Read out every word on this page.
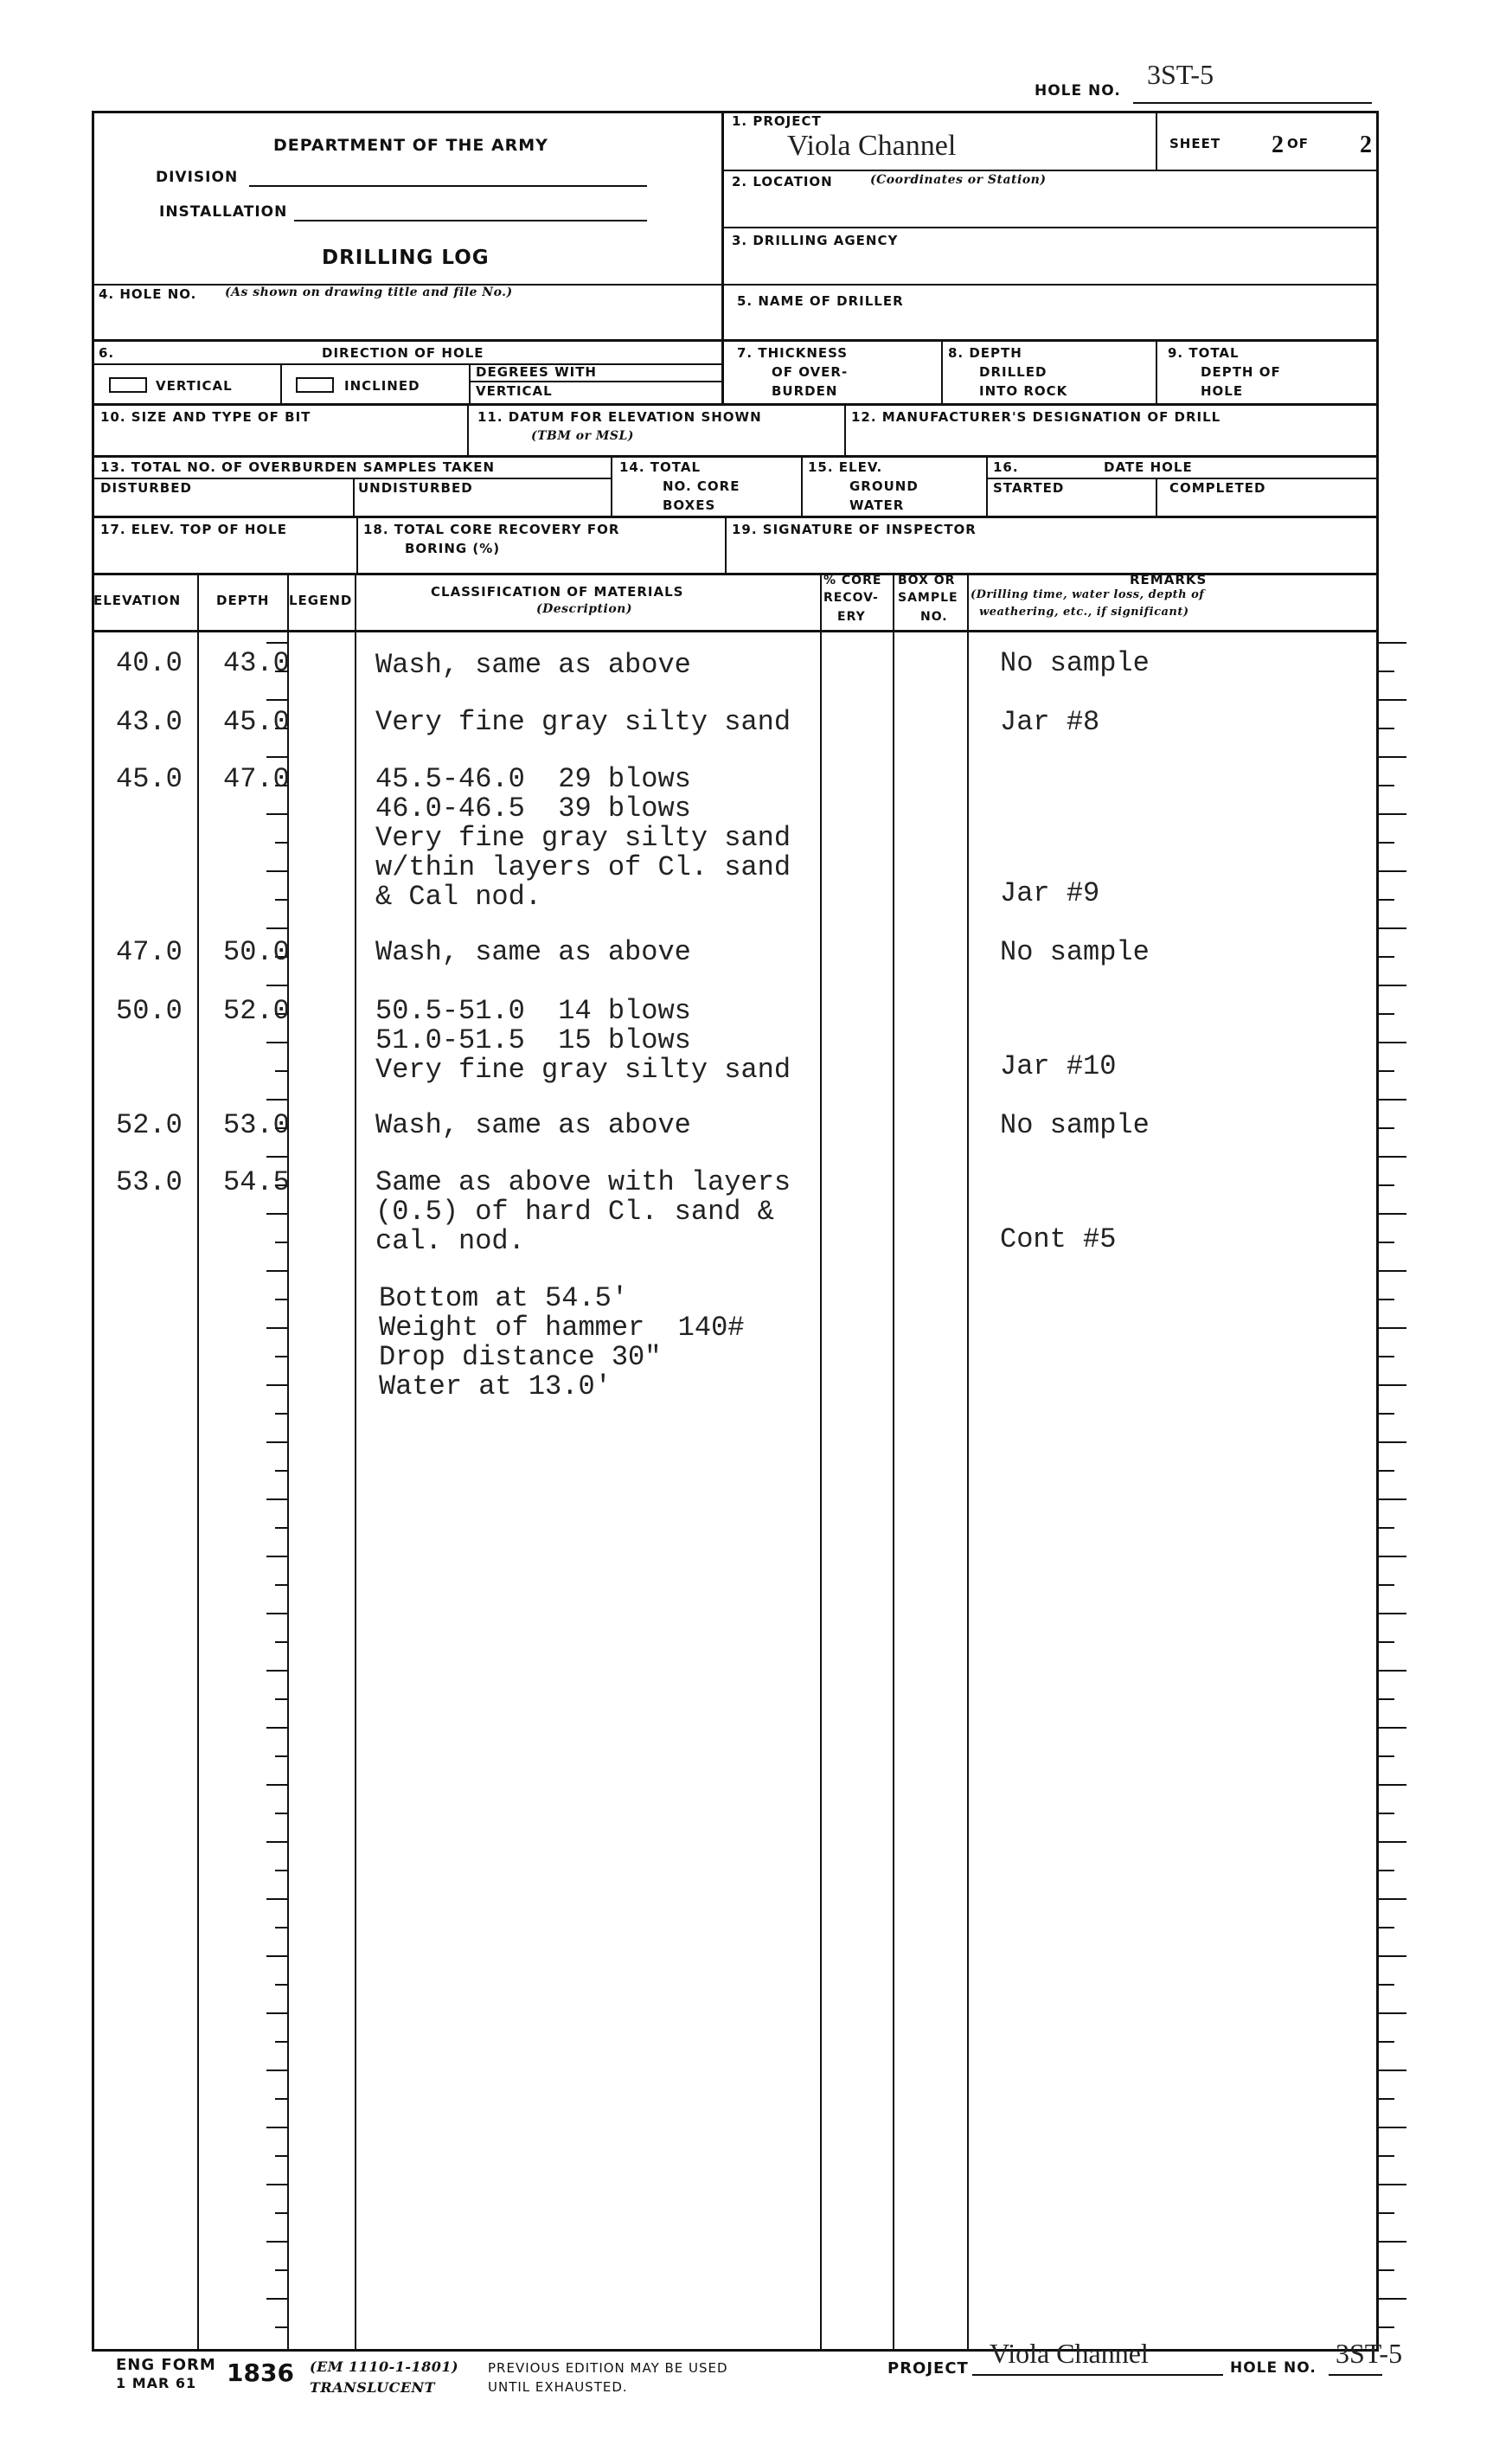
HOLE NO.
3ST-5
DEPARTMENT OF THE ARMY
DIVISION
INSTALLATION
DRILLING LOG
1. PROJECT
Viola Channel	SHEET 2 OF 2
2. LOCATION	(Coordinates or Station)
3. DRILLING AGENCY
4. HOLE NO. (As shown on drawing title and file No.)
5. NAME OF DRILLER
6.	DIRECTION OF HOLE
VERTICAL	INCLINED
DEGREES WITH
VERTICAL
7. THICKNESS
OF OVER-
BURDEN
8. DEPTH
DRILLED
INTO ROCK
9. TOTAL
DEPTH OF
HOLE
10. SIZE AND TYPE OF BIT	11. DATUM FOR ELEVATION SHOWN
(TBM or MSL)
12. MANUFACTURER'S DESIGNATION OF DRILL
13. TOTAL NO. OF OVERBURDEN SAMPLES TAKEN
DISTURBED	UNDISTURBED
14. TOTAL
NO. CORE
BOXES
15. ELEV.
GROUND
WATER
16.	DATE HOLE
STARTED	COMPLETED
17. ELEV. TOP OF HOLE	18. TOTAL CORE RECOVERY FOR
BORING (%)
19. SIGNATURE OF INSPECTOR
ELEVATION	DEPTH LEGEND
CLASSIFICATION OF MATERIALS
(Description)
% CORE
RECOV-
ERY
BOX OR
SAMPLE
NO.
REMARKS
(Drilling time, water loss, depth of
weathering, etc., if significant)
40.0 43.0	Wash, same as above	No sample
43.0 45.0	Very fine gray silty sand	Jar #8
45.0 47.0	45.5-46.0  29 blows
46.0-46.5  39 blows
Very fine gray silty sand
w/thin layers of Cl. sand
& Cal nod.	Jar #9
47.0 50.0	Wash, same as above	No sample
50.0 52.0	50.5-51.0  14 blows
51.0-51.5  15 blows
Very fine gray silty sand	Jar #10
52.0 53.0	Wash, same as above	No sample
53.0 54.5	Same as above with layers
(0.5) of hard Cl. sand &
cal. nod.	Cont #5
Bottom at 54.5'
Weight of hammer  140#
Drop distance 30"
Water at 13.0'
ENG FORM
1 MAR 61 1836 (EM 1110-1-1801)
TRANSLUCENT
PREVIOUS EDITION MAY BE USED
UNTIL EXHAUSTED.
PROJECT Viola Channel	HOLE NO. 3ST-5
